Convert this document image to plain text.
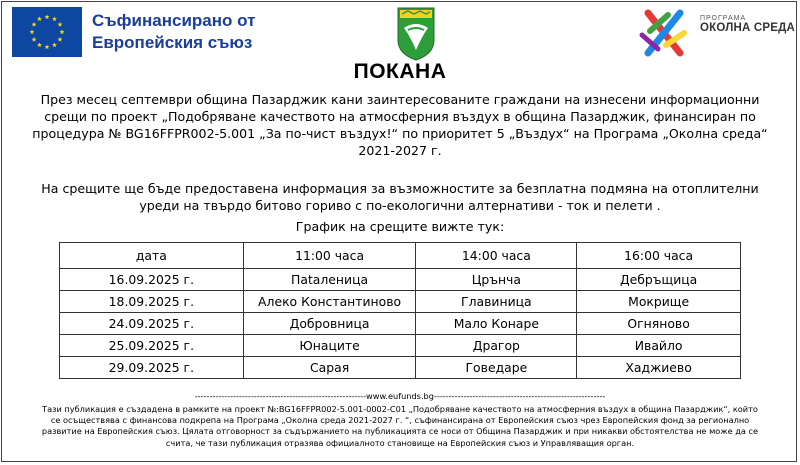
Съфинансирано от
Европейския съюз
ПОКАНА
ПРОГРАМА
ОКОЛНА СРЕДА
През месец септември община Пазарджик кани заинтересованите граждани на изнесени информационни
срещи по проект „Подобряване качеството на атмосферния въздух в община Пазарджик, финансиран по
процедура № BG16FFPR002-5.001 „За по-чист въздух!“ по приоритет 5 „Въздух“ на Програма „Околна среда“
2021-2027 г.
На срещите ще бъде предоставена информация за възможностите за безплатна подмяна на отоплителни
уреди на твърдо битово гориво с по-екологични алтернативи - ток и пелети .
График на срещите вижте тук:
дата	11:00 часа	14:00 часа	16:00 часа
16.09.2025 г.	Пataленица	Црънча	Дебръщица
18.09.2025 г.	Алеко Константиново	Главиница	Мокрище
24.09.2025 г.	Добровница	Мало Конаре	Огняново
25.09.2025 г.	Юнаците	Драгор	Ивайло
29.09.2025 г.	Сарая	Говедаре	Хаджиево
----------------------------------------------------------www.eufunds.bg----------------------------------------------------------
Тази публикация е създадена в рамките на проект №:BG16FFPR002-5.001-0002-C01 „Подобряване качеството на атмосферния въздух в община Пазарджик“, който
се осъществява с финансова подкрепа на Програма „Околна среда 2021-2027 г. “, съфинансирана от Европейския съюз чрез Европейския фонд за регионално
развитие на Европейския съюз. Цялата отговорност за съдържанието на публикацията се носи от Община Пазарджик и при никакви обстоятелства не може да се
счита, че тази публикация отразява официалното становище на Европейския съюз и Управляващия орган.
